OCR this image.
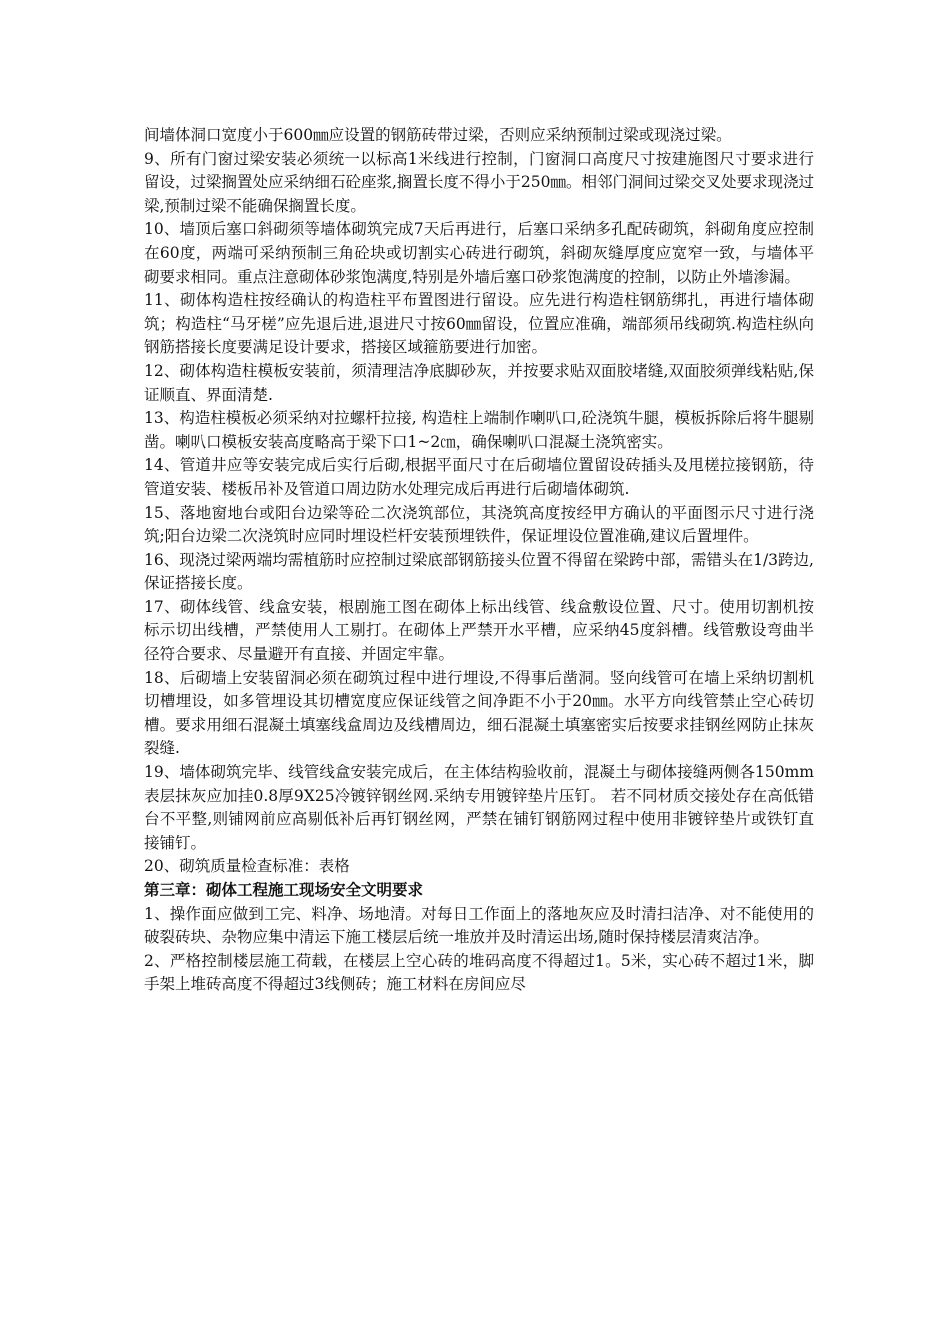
间墙体洞口宽度小于600㎜应设置的钢筋砖带过梁，否则应采纳预制过梁或现浇过梁。

9、所有门窗过梁安装必须统一以标高1米线进行控制，门窗洞口高度尺寸按建施图尺寸要求进行留设，过梁搁置处应采纳细石砼座浆,搁置长度不得小于250㎜。相邻门洞间过梁交叉处要求现浇过梁,预制过梁不能确保搁置长度。

10、墙顶后塞口斜砌须等墙体砌筑完成7天后再进行，后塞口采纳多孔配砖砌筑，斜砌角度应控制在60度，两端可采纳预制三角砼块或切割实心砖进行砌筑，斜砌灰缝厚度应宽窄一致，与墙体平砌要求相同。重点注意砌体砂浆饱满度,特别是外墙后塞口砂浆饱满度的控制，以防止外墙渗漏。

11、砌体构造柱按经确认的构造柱平布置图进行留设。应先进行构造柱钢筋绑扎，再进行墙体砌筑；构造柱“马牙槎”应先退后进,退进尺寸按60㎜留设，位置应准确，端部须吊线砌筑.构造柱纵向钢筋搭接长度要满足设计要求，搭接区域箍筋要进行加密。

12、砌体构造柱模板安装前，须清理洁净底脚砂灰，并按要求贴双面胶堵缝,双面胶须弹线粘贴,保证顺直、界面清楚.

13、构造柱模板必须采纳对拉螺杆拉接, 构造柱上端制作喇叭口,砼浇筑牛腿，模板拆除后将牛腿剔凿。喇叭口模板安装高度略高于梁下口1~2㎝，确保喇叭口混凝土浇筑密实。

14、管道井应等安装完成后实行后砌,根据平面尺寸在后砌墙位置留设砖插头及甩槎拉接钢筋，待管道安装、楼板吊补及管道口周边防水处理完成后再进行后砌墙体砌筑.

15、落地窗地台或阳台边梁等砼二次浇筑部位，其浇筑高度按经甲方确认的平面图示尺寸进行浇筑;阳台边梁二次浇筑时应同时埋设栏杆安装预埋铁件，保证埋设位置准确,建议后置埋件。

16、现浇过梁两端均需植筋时应控制过梁底部钢筋接头位置不得留在梁跨中部，需错头在1/3跨边,保证搭接长度。

17、砌体线管、线盒安装，根剧施工图在砌体上标出线管、线盒敷设位置、尺寸。使用切割机按标示切出线槽，严禁使用人工剔打。在砌体上严禁开水平槽，应采纳45度斜槽。线管敷设弯曲半径符合要求、尽量避开有直接、并固定牢靠。

18、后砌墙上安装留洞必须在砌筑过程中进行埋设,不得事后凿洞。竖向线管可在墙上采纳切割机切槽埋设，如多管埋设其切槽宽度应保证线管之间净距不小于20㎜。水平方向线管禁止空心砖切槽。要求用细石混凝土填塞线盒周边及线槽周边，细石混凝土填塞密实后按要求挂钢丝网防止抹灰裂缝.

19、墙体砌筑完毕、线管线盒安装完成后，在主体结构验收前，混凝土与砌体接缝两侧各150mm表层抹灰应加挂0.8厚9X25冷镀锌钢丝网.采纳专用镀锌垫片压钉。 若不同材质交接处存在高低错台不平整,则铺网前应高剔低补后再钉钢丝网，严禁在铺钉钢筋网过程中使用非镀锌垫片或铁钉直接铺钉。

20、砌筑质量检查标准：表格

第三章：砌体工程施工现场安全文明要求

1、操作面应做到工完、料净、场地清。对每日工作面上的落地灰应及时清扫洁净、对不能使用的破裂砖块、杂物应集中清运下施工楼层后统一堆放并及时清运出场,随时保持楼层清爽洁净。

2、严格控制楼层施工荷载，在楼层上空心砖的堆码高度不得超过1。5米，实心砖不超过1米，脚手架上堆砖高度不得超过3线侧砖；施工材料在房间应尽
